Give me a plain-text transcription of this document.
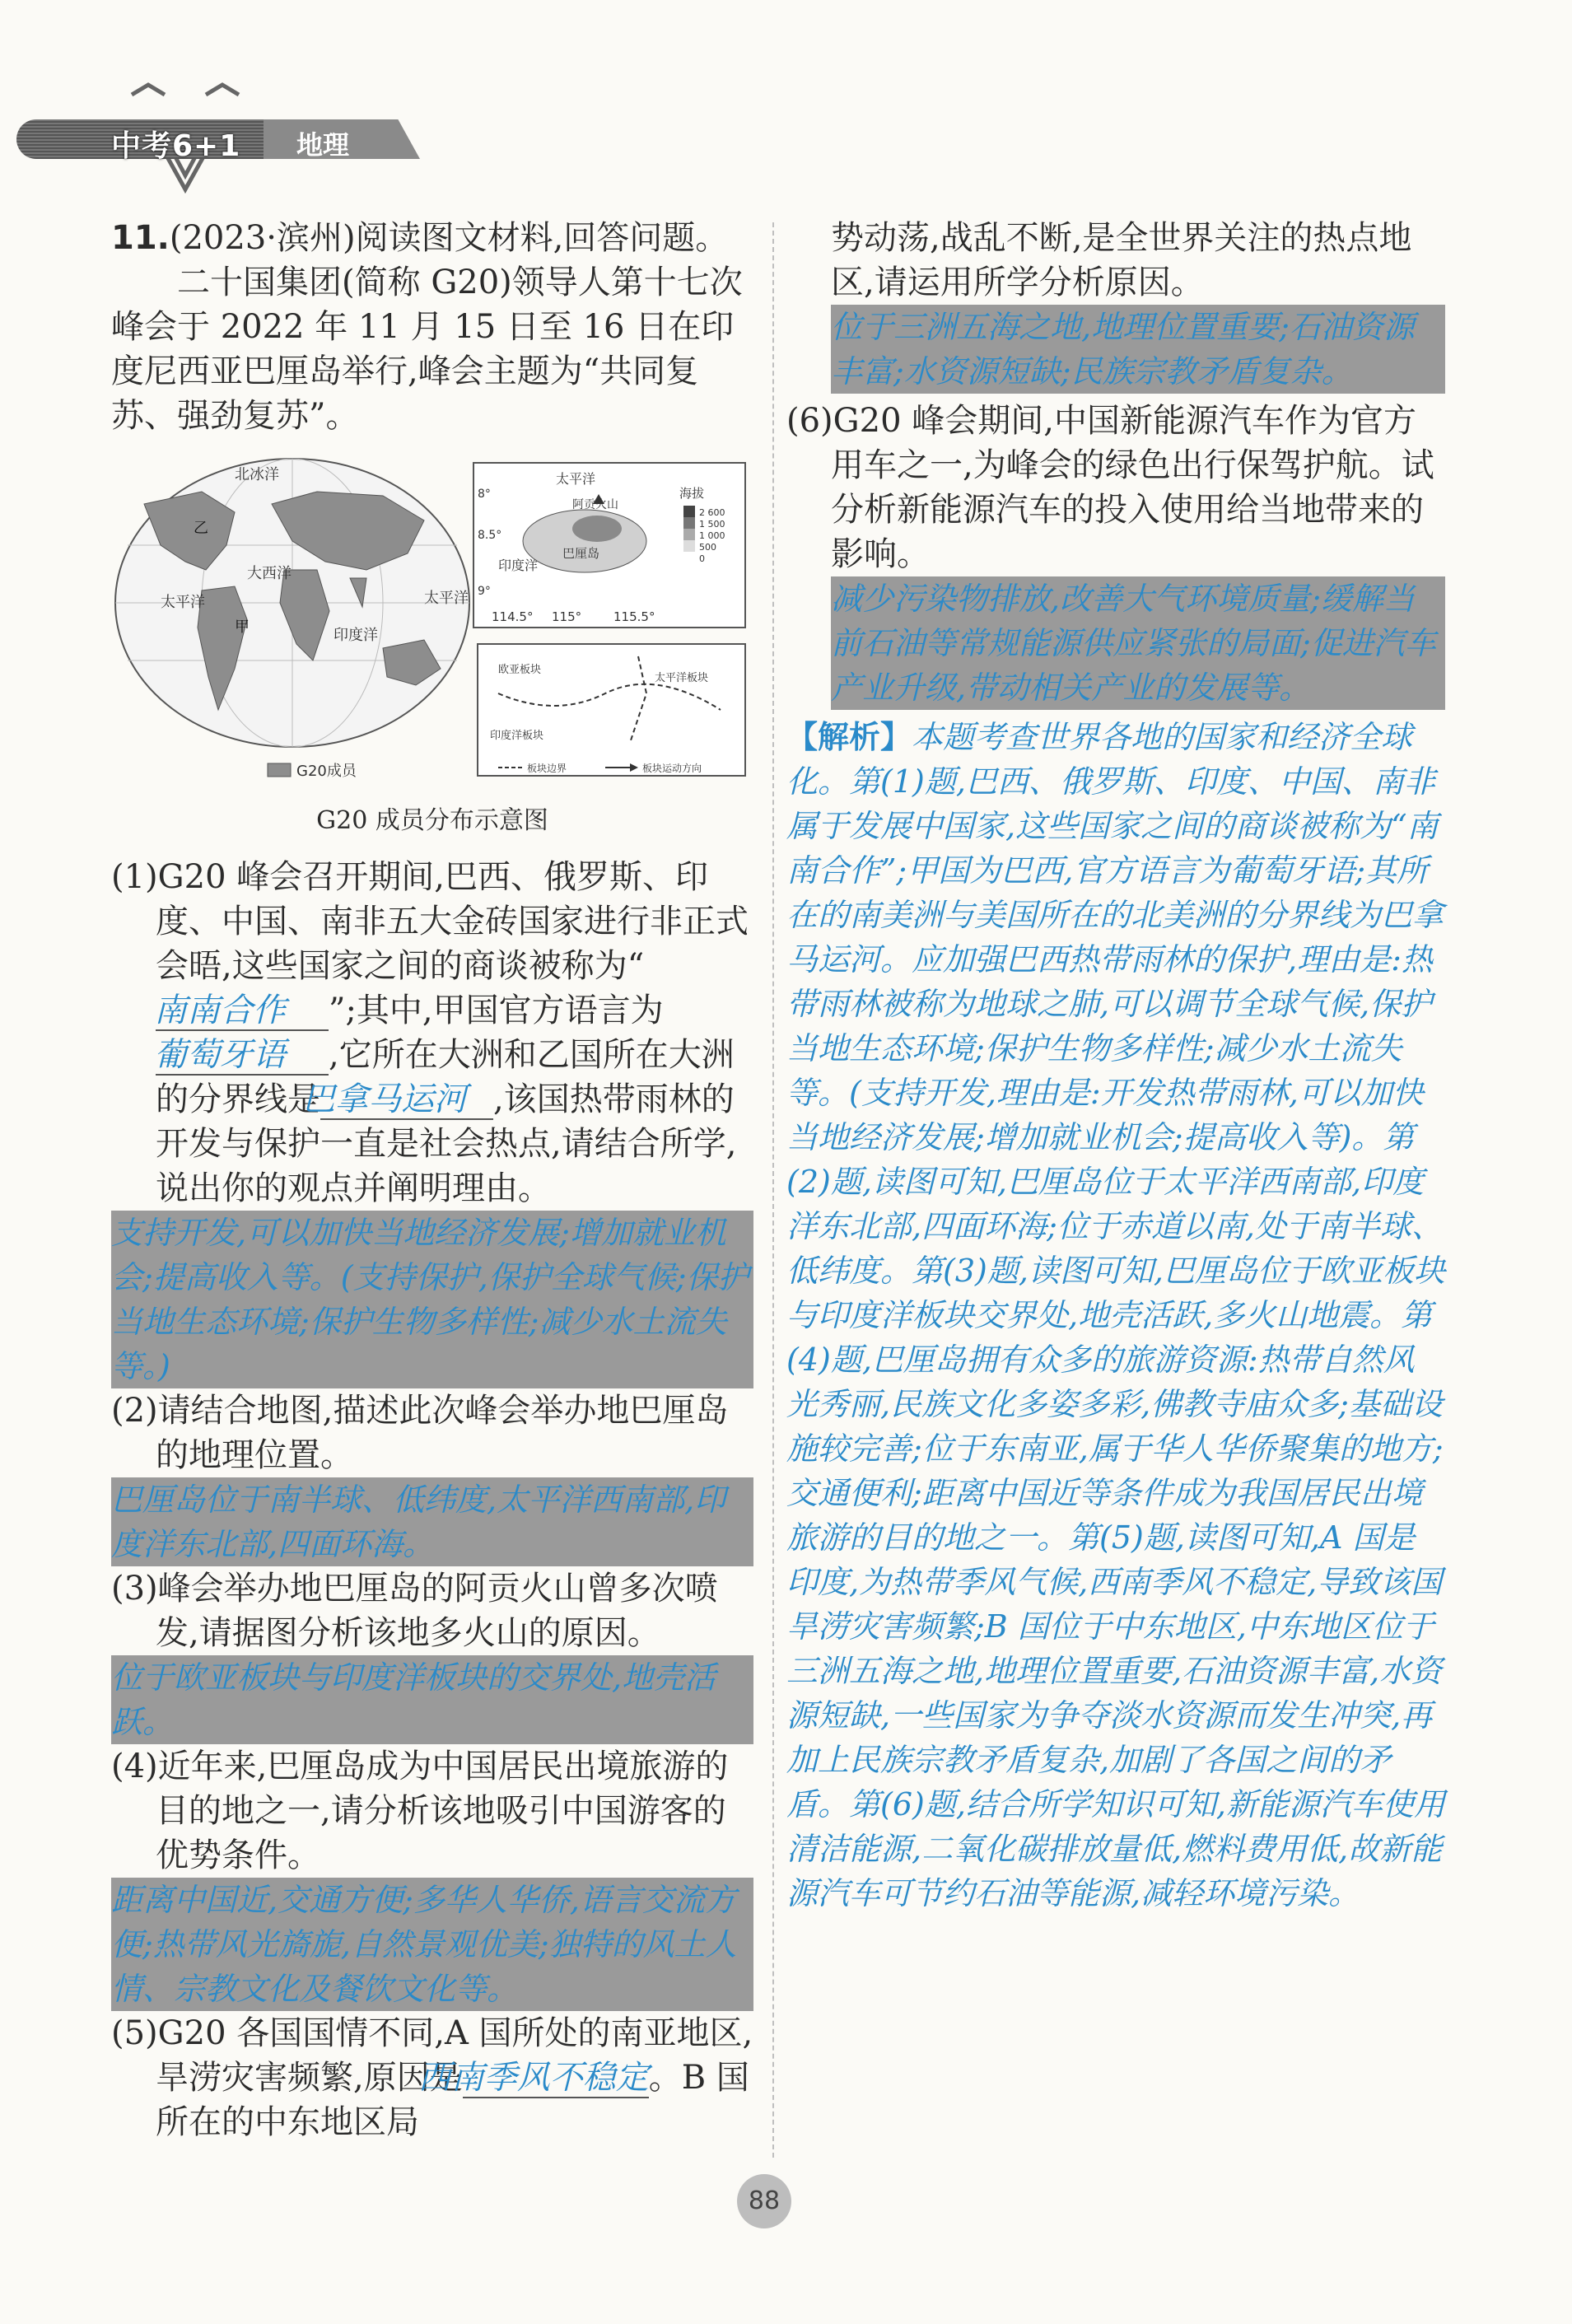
中考6+1 地理

11.(2023·滨州)阅读图文材料,回答问题。

二十国集团(简称 G20)领导人第十七次峰会于 2022 年 11 月 15 日至 16 日在印度尼西亚巴厘岛举行,峰会主题为“共同复苏、强劲复苏”。

北冰洋
太平洋
大西洋
印度洋
太平洋
甲
乙
G20成员
太平洋
印度洋
阿贡火山
巴厘岛
8°
8.5°
9°
海拔
2 600
1 500
1 000
500
0
114.5° 115°	115.5°
欧亚板块
太平洋板块
印度洋板块
板块边界	板块运动方向
G20 成员分布示意图

(1)G20 峰会召开期间,巴西、俄罗斯、印度、中国、南非五大金砖国家进行非正式会晤,这些国家之间的商谈被称为“南南合作 ”;其中,甲国官方语言为葡萄牙语 ,它所在大洲和乙国所在大洲的分界线是巴拿马运河 ,该国热带雨林的开发与保护一直是社会热点,请结合所学,说出你的观点并阐明理由。

支持开发,可以加快当地经济发展;增加就业机会;提高收入等。(支持保护,保护全球气候;保护当地生态环境;保护生物多样性;减少水土流失等。)

(2)请结合地图,描述此次峰会举办地巴厘岛的地理位置。

巴厘岛位于南半球、低纬度,太平洋西南部,印度洋东北部,四面环海。

(3)峰会举办地巴厘岛的阿贡火山曾多次喷发,请据图分析该地多火山的原因。

位于欧亚板块与印度洋板块的交界处,地壳活跃。

(4)近年来,巴厘岛成为中国居民出境旅游的目的地之一,请分析该地吸引中国游客的优势条件。

距离中国近,交通方便;多华人华侨,语言交流方便;热带风光旖旎,自然景观优美;独特的风土人情、宗教文化及餐饮文化等。

(5)G20 各国国情不同,A 国所处的南亚地区,旱涝灾害频繁,原因是西南季风不稳定。B 国所在的中东地区局

势动荡,战乱不断,是全世界关注的热点地区,请运用所学分析原因。

位于三洲五海之地,地理位置重要;石油资源丰富;水资源短缺;民族宗教矛盾复杂。

(6)G20 峰会期间,中国新能源汽车作为官方用车之一,为峰会的绿色出行保驾护航。试分析新能源汽车的投入使用给当地带来的影响。

减少污染物排放,改善大气环境质量;缓解当前石油等常规能源供应紧张的局面;促进汽车产业升级,带动相关产业的发展等。

【解析】本题考查世界各地的国家和经济全球化。第(1)题,巴西、俄罗斯、印度、中国、南非属于发展中国家,这些国家之间的商谈被称为“南南合作”;甲国为巴西,官方语言为葡萄牙语;其所在的南美洲与美国所在的北美洲的分界线为巴拿马运河。应加强巴西热带雨林的保护,理由是:热带雨林被称为地球之肺,可以调节全球气候,保护当地生态环境;保护生物多样性;减少水土流失等。(支持开发,理由是:开发热带雨林,可以加快当地经济发展;增加就业机会;提高收入等)。第(2)题,读图可知,巴厘岛位于太平洋西南部,印度洋东北部,四面环海;位于赤道以南,处于南半球、低纬度。第(3)题,读图可知,巴厘岛位于欧亚板块与印度洋板块交界处,地壳活跃,多火山地震。第(4)题,巴厘岛拥有众多的旅游资源:热带自然风光秀丽,民族文化多姿多彩,佛教寺庙众多;基础设施较完善;位于东南亚,属于华人华侨聚集的地方;交通便利;距离中国近等条件成为我国居民出境旅游的目的地之一。第(5)题,读图可知,A 国是印度,为热带季风气候,西南季风不稳定,导致该国旱涝灾害频繁;B 国位于中东地区,中东地区位于三洲五海之地,地理位置重要,石油资源丰富,水资源短缺,一些国家为争夺淡水资源而发生冲突,再加上民族宗教矛盾复杂,加剧了各国之间的矛盾。第(6)题,结合所学知识可知,新能源汽车使用清洁能源,二氧化碳排放量低,燃料费用低,故新能源汽车可节约石油等能源,减轻环境污染。

88
